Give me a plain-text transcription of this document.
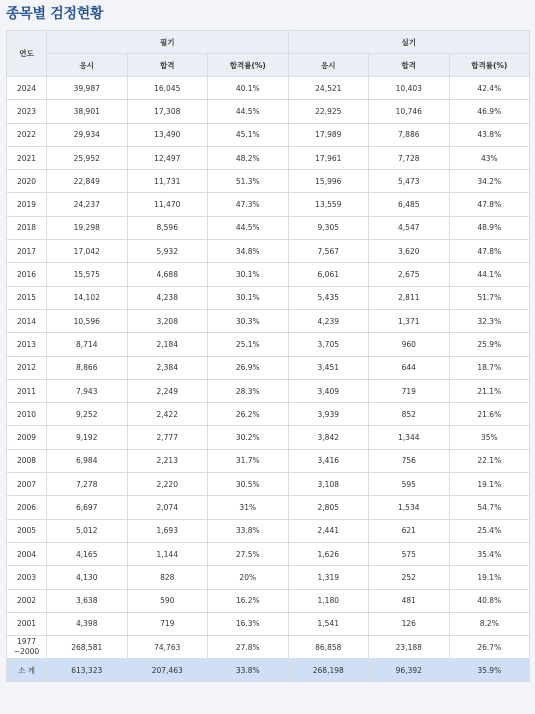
종목별 검정현황
연도	필기			실기		
	응시	합격	합격률(%)	응시	합격	합격률(%)
2024	39,987	16,045	40.1%	24,521	10,403	42.4%
2023	38,901	17,308	44.5%	22,925	10,746	46.9%
2022	29,934	13,490	45.1%	17,989	7,886	43.8%
2021	25,952	12,497	48.2%	17,961	7,728	43%
2020	22,849	11,731	51.3%	15,996	5,473	34.2%
2019	24,237	11,470	47.3%	13,559	6,485	47.8%
2018	19,298	8,596	44.5%	9,305	4,547	48.9%
2017	17,042	5,932	34.8%	7,567	3,620	47.8%
2016	15,575	4,688	30.1%	6,061	2,675	44.1%
2015	14,102	4,238	30.1%	5,435	2,811	51.7%
2014	10,596	3,208	30.3%	4,239	1,371	32.3%
2013	8,714	2,184	25.1%	3,705	960	25.9%
2012	8,866	2,384	26.9%	3,451	644	18.7%
2011	7,943	2,249	28.3%	3,409	719	21.1%
2010	9,252	2,422	26.2%	3,939	852	21.6%
2009	9,192	2,777	30.2%	3,842	1,344	35%
2008	6,984	2,213	31.7%	3,416	756	22.1%
2007	7,278	2,220	30.5%	3,108	595	19.1%
2006	6,697	2,074	31%	2,805	1,534	54.7%
2005	5,012	1,693	33.8%	2,441	621	25.4%
2004	4,165	1,144	27.5%	1,626	575	35.4%
2003	4,130	828	20%	1,319	252	19.1%
2002	3,638	590	16.2%	1,180	481	40.8%
2001	4,398	719	16.3%	1,541	126	8.2%

1977
~2000	268,581	74,763	27.8%	86,858	23,188	26.7%
소 계	613,323	207,463	33.8%	268,198	96,392	35.9%
